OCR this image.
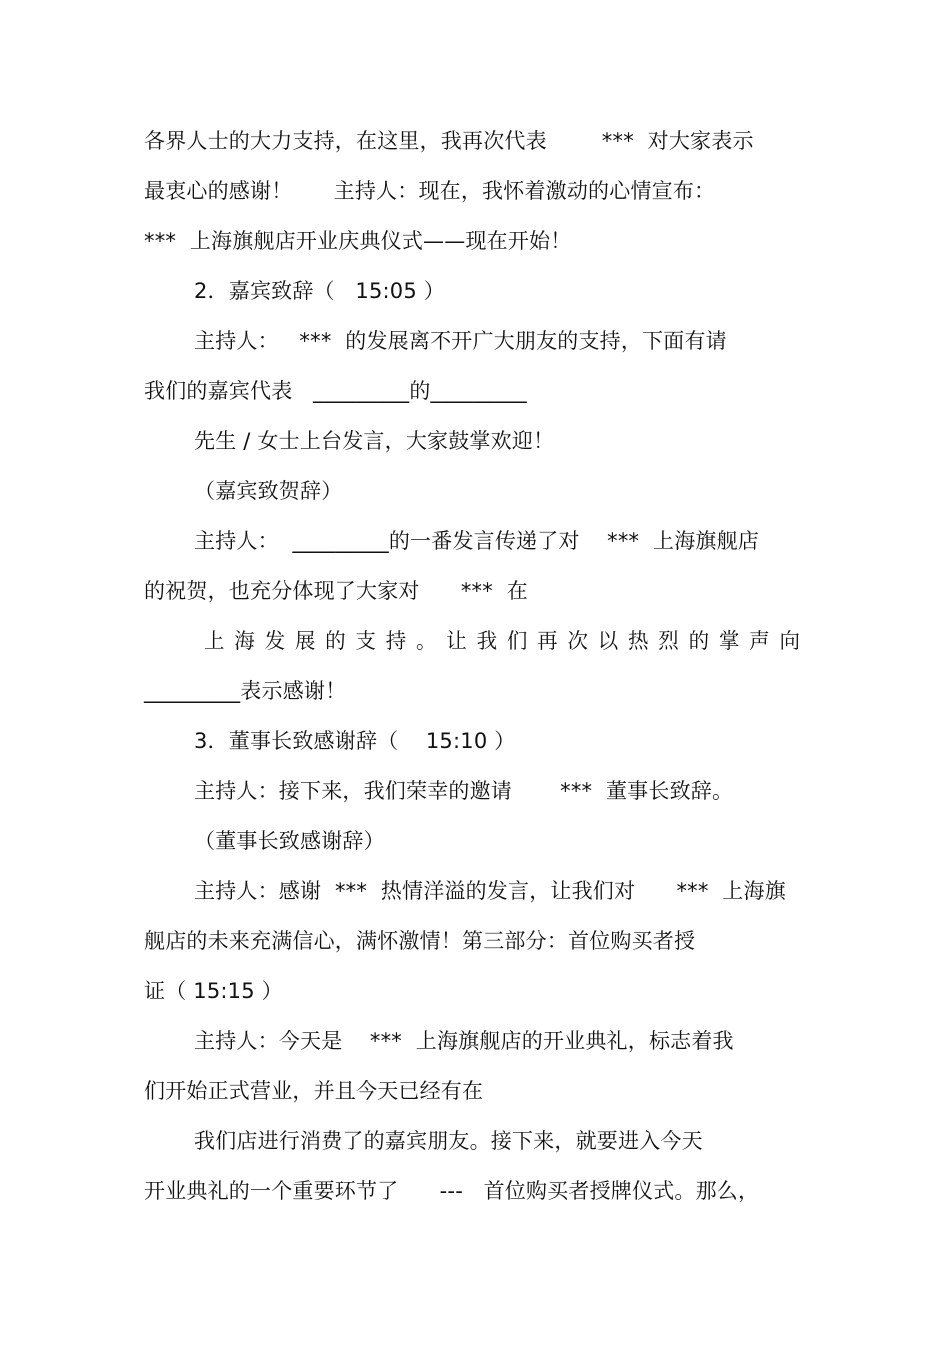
各界人士的大力支持，在这里，我再次代表        ***  对大家表示
最衷心的感谢！      主持人：现在，我怀着激动的心情宣布：
***  上海旗舰店开业庆典仪式——现在开始！
2．嘉宾致辞（   15:05 ）
主持人：   ***  的发展离不开广大朋友的支持，下面有请
我们的嘉宾代表   _________的_________
先生 / 女士上台发言，大家鼓掌欢迎！
（嘉宾致贺辞）
主持人：  _________的一番发言传递了对    ***  上海旗舰店
的祝贺，也充分体现了大家对      ***  在
上海发展的支持。让我们再次以热烈的掌声向
_________表示感谢！
3．董事长致感谢辞（    15:10 ）
主持人：接下来，我们荣幸的邀请       ***  董事长致辞。
（董事长致感谢辞）
主持人：感谢  ***  热情洋溢的发言，让我们对      ***  上海旗
舰店的未来充满信心，满怀激情！第三部分：首位购买者授
证（ 15:15 ）
主持人：今天是    ***  上海旗舰店的开业典礼，标志着我
们开始正式营业，并且今天已经有在
我们店进行消费了的嘉宾朋友。接下来，就要进入今天
开业典礼的一个重要环节了      ---   首位购买者授牌仪式。那么，
